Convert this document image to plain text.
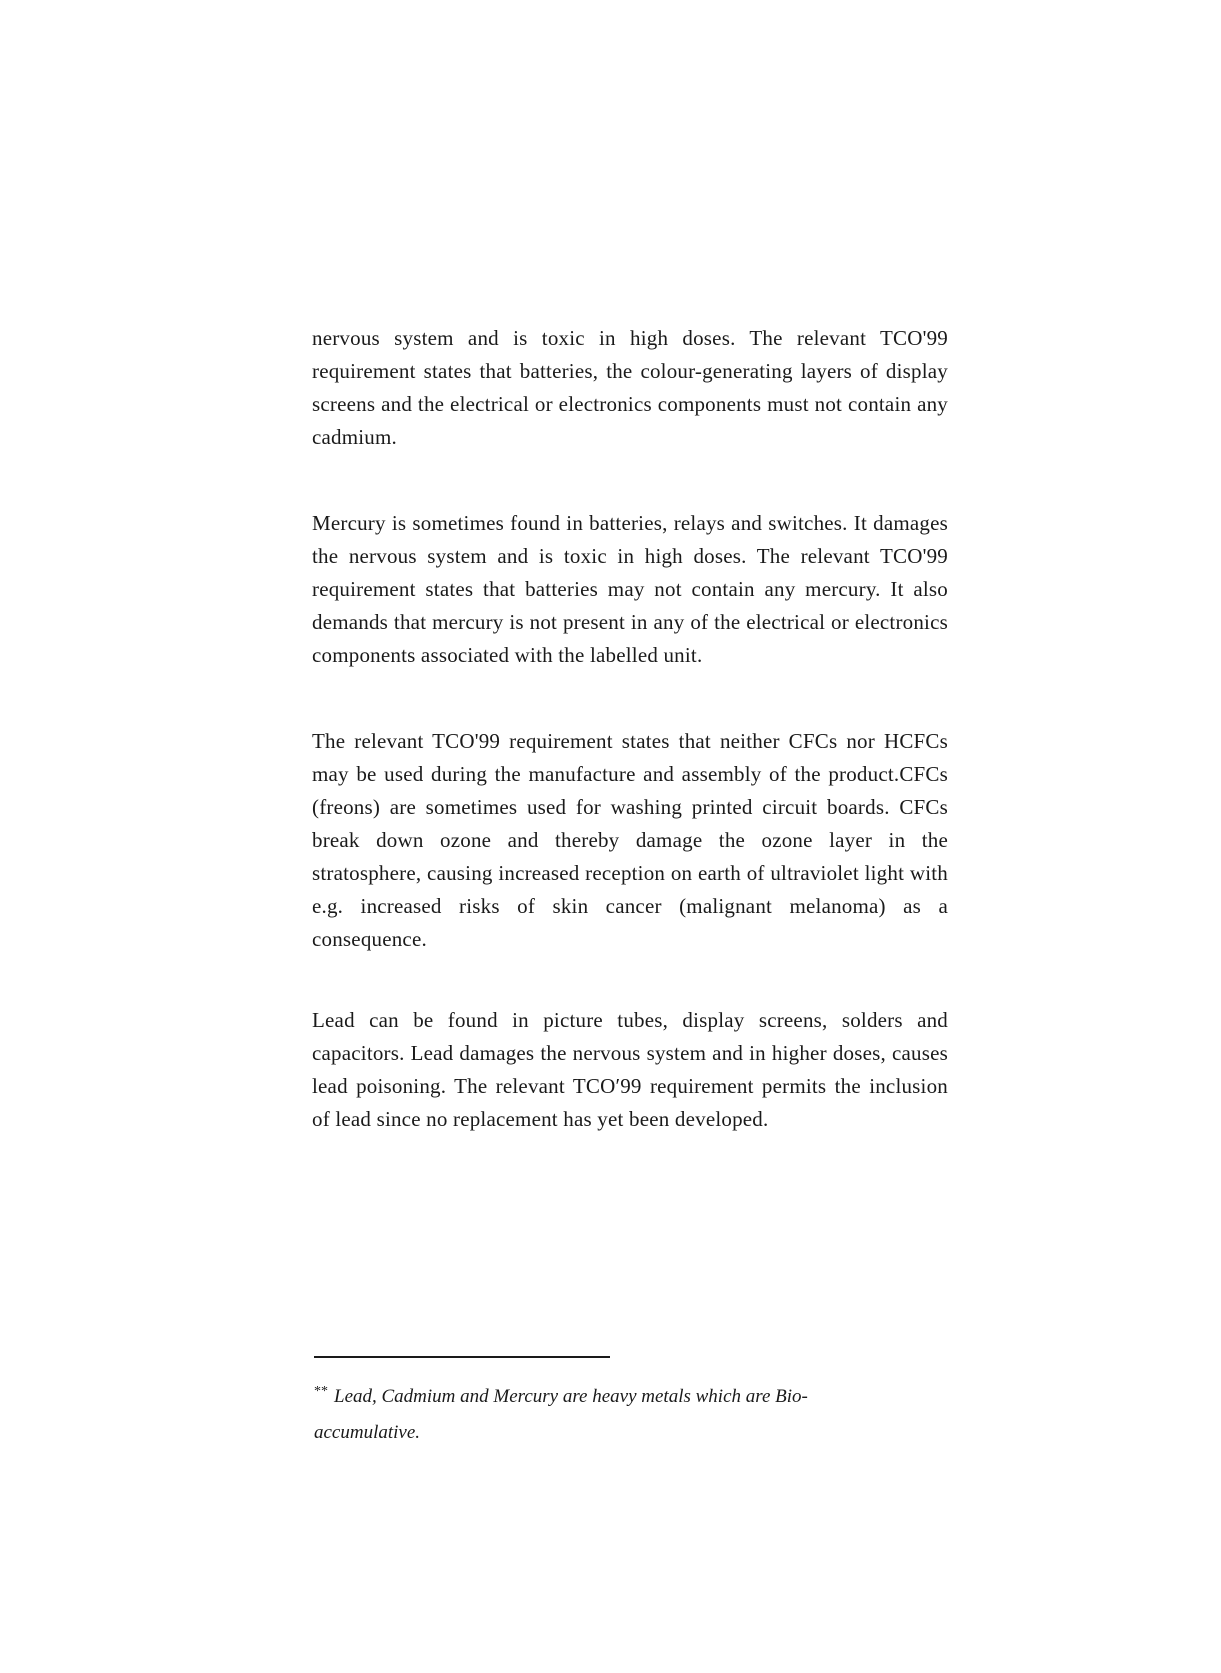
nervous system and is toxic in high doses. The relevant TCO'99 requirement states that batteries, the colour-generating layers of display screens and the electrical or electronics components must not contain any cadmium.

Mercury is sometimes found in batteries, relays and switches. It damages the nervous system and is toxic in high doses. The relevant TCO'99 requirement states that batteries may not contain any mercury. It also demands that mercury is not present in any of the electrical or electronics components associated with the labelled unit.

The relevant TCO'99 requirement states that neither CFCs nor HCFCs may be used during the manufacture and assembly of the product.CFCs (freons) are sometimes used for washing printed circuit boards. CFCs break down ozone and thereby damage the ozone layer in the stratosphere, causing increased reception on earth of ultraviolet light with e.g. increased risks of skin cancer (malignant melanoma) as a consequence.

Lead can be found in picture tubes, display screens, solders and capacitors. Lead damages the nervous system and in higher doses, causes lead poisoning. The relevant TCO′99 requirement permits the inclusion of lead since no replacement has yet been developed.

** Lead, Cadmium and Mercury are heavy metals which are Bio-accumulative.
